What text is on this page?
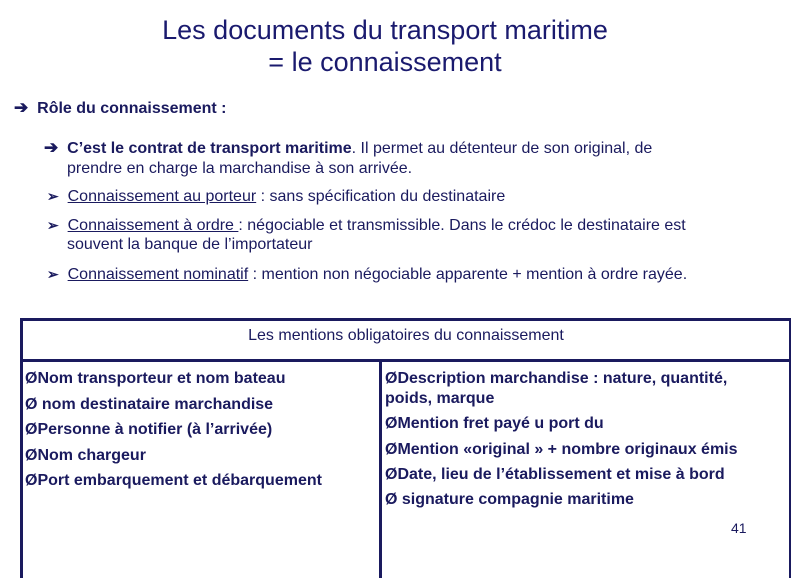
Les documents du transport maritime
= le connaissement
➔ Rôle du connaissement :
➔ C’est le contrat de transport maritime. Il permet au détenteur de son original, de
prendre en charge la marchandise à son arrivée.
➢ Connaissement au porteur : sans spécification du destinataire
➢ Connaissement à ordre : négociable et transmissible. Dans le crédoc le destinataire est
souvent la banque de l’importateur
➢ Connaissement nominatif : mention non négociable apparente + mention à ordre rayée.
Les mentions obligatoires du connaissement
ØNom transporteur et nom bateau
Ø nom destinataire marchandise
ØPersonne à notifier (à l’arrivée)
ØNom chargeur
ØPort embarquement et débarquement
ØDescription marchandise : nature, quantité,
poids, marque
ØMention fret payé u port du
ØMention «original » + nombre originaux émis
ØDate, lieu de l’établissement et mise à bord
Ø signature compagnie maritime
41
